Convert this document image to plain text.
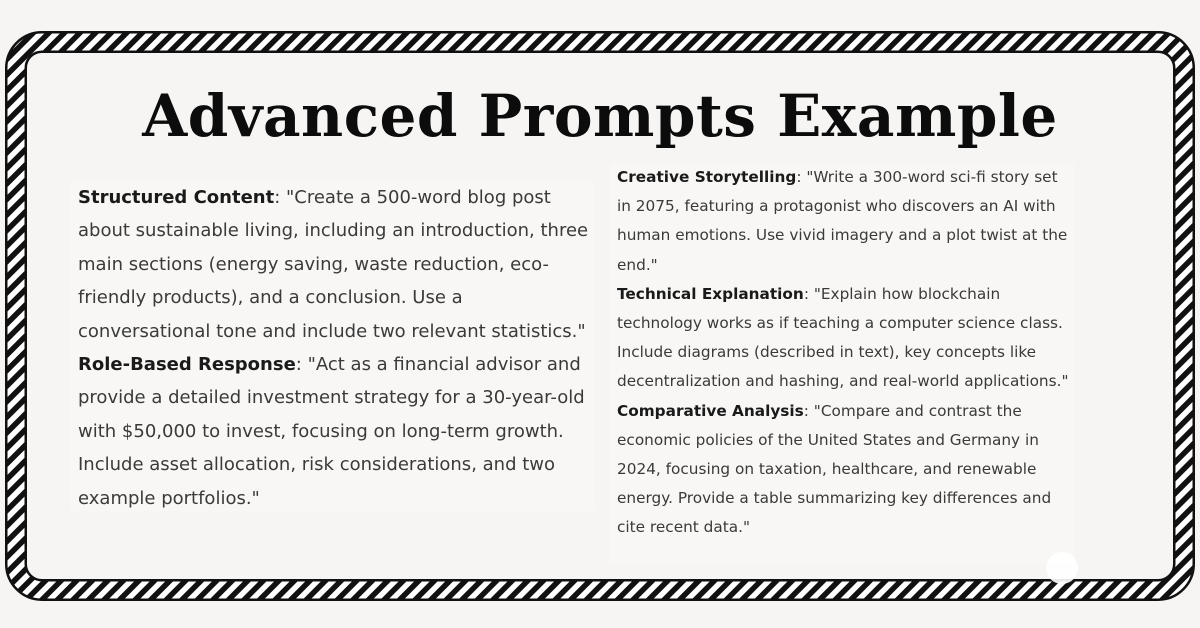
Advanced Prompts Example

Structured Content: "Create a 500-word blog post about sustainable living, including an introduction, three main sections (energy saving, waste reduction, eco-friendly products), and a conclusion. Use a conversational tone and include two relevant statistics."

Role-Based Response: "Act as a financial advisor and provide a detailed investment strategy for a 30-year-old with $50,000 to invest, focusing on long-term growth. Include asset allocation, risk considerations, and two example portfolios."

Creative Storytelling: "Write a 300-word sci-fi story set in 2075, featuring a protagonist who discovers an AI with human emotions. Use vivid imagery and a plot twist at the end."

Technical Explanation: "Explain how blockchain technology works as if teaching a computer science class. Include diagrams (described in text), key concepts like decentralization and hashing, and real-world applications."

Comparative Analysis: "Compare and contrast the economic policies of the United States and Germany in 2024, focusing on taxation, healthcare, and renewable energy. Provide a table summarizing key differences and cite recent data."
